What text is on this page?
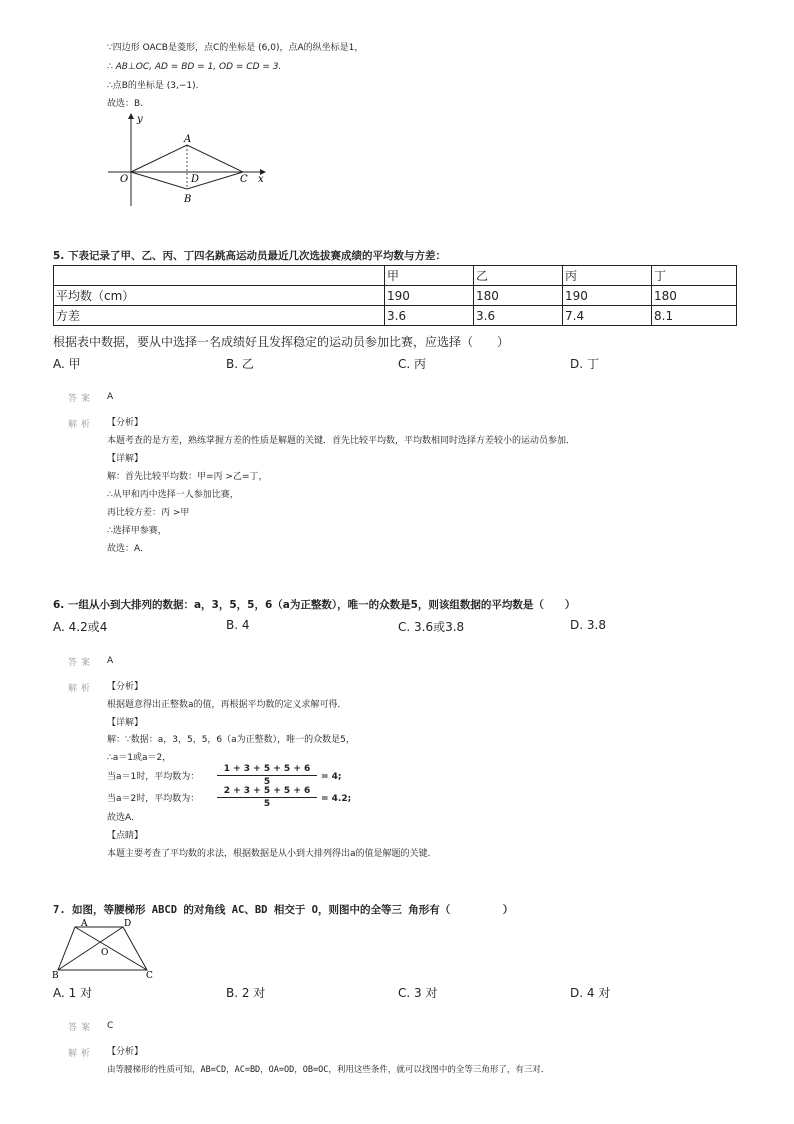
∵四边形 OACB是菱形，点C的坐标是 (6,0)，点A的纵坐标是1，
∴ AB⊥OC, AD = BD = 1, OD = CD = 3.
∴点B的坐标是 (3,−1).
故选：B.
y
x
O
A
D	C
B
5. 下表记录了甲、乙、丙、丁四名跳高运动员最近几次选拔赛成绩的平均数与方差：
	甲	乙	丙	丁
平均数（cm）	190	180	190	180
方差	3.6	3.6	7.4	8.1
根据表中数据，要从中选择一名成绩好且发挥稳定的运动员参加比赛，应选择（　　）
A. 甲	B. 乙	C. 丙	D. 丁
答案 A
解析 【分析】
本题考查的是方差，熟练掌握方差的性质是解题的关键．首先比较平均数，平均数相同时选择方差较小的运动员参加．
【详解】
解：首先比较平均数：甲=丙 >乙=丁，
∴从甲和丙中选择一人参加比赛，
再比较方差：丙 >甲
∴选择甲参赛，
故选：A．
6. 一组从小到大排列的数据：a，3，5，5，6（a为正整数），唯一的众数是5，则该组数据的平均数是（　　）
A. 4.2或4	B. 4	C. 3.6或3.8	D. 3.8
答案 A
解析 【分析】
根据题意得出正整数a的值，再根据平均数的定义求解可得．
【详解】
解：∵数据：a，3，5，5，6（a为正整数），唯一的众数是5，
∴a＝1或a＝2，
当a＝1时，平均数为： $\frac{1 + 3 + 5 + 5 + 6}{5} = 4$;
当a＝2时，平均数为： $\frac{2 + 3 + 5 + 5 + 6}{5} = 4.2$;
故选A．
【点睛】
本题主要考查了平均数的求法，根据数据是从小到大排列得出a的值是解题的关键．
7. 如图，等腰梯形 ABCD 的对角线 AC、BD 相交于 O，则图中的全等三 角形有（　　　　　）
A	D
O
B	C
A. 1 对	B. 2 对	C. 3 对	D. 4 对
答案 C
解析 【分析】
由等腰梯形的性质可知，AB=CD，AC=BD，OA=OD，OB=OC，利用这些条件，就可以找图中的全等三角形了，有三对．
